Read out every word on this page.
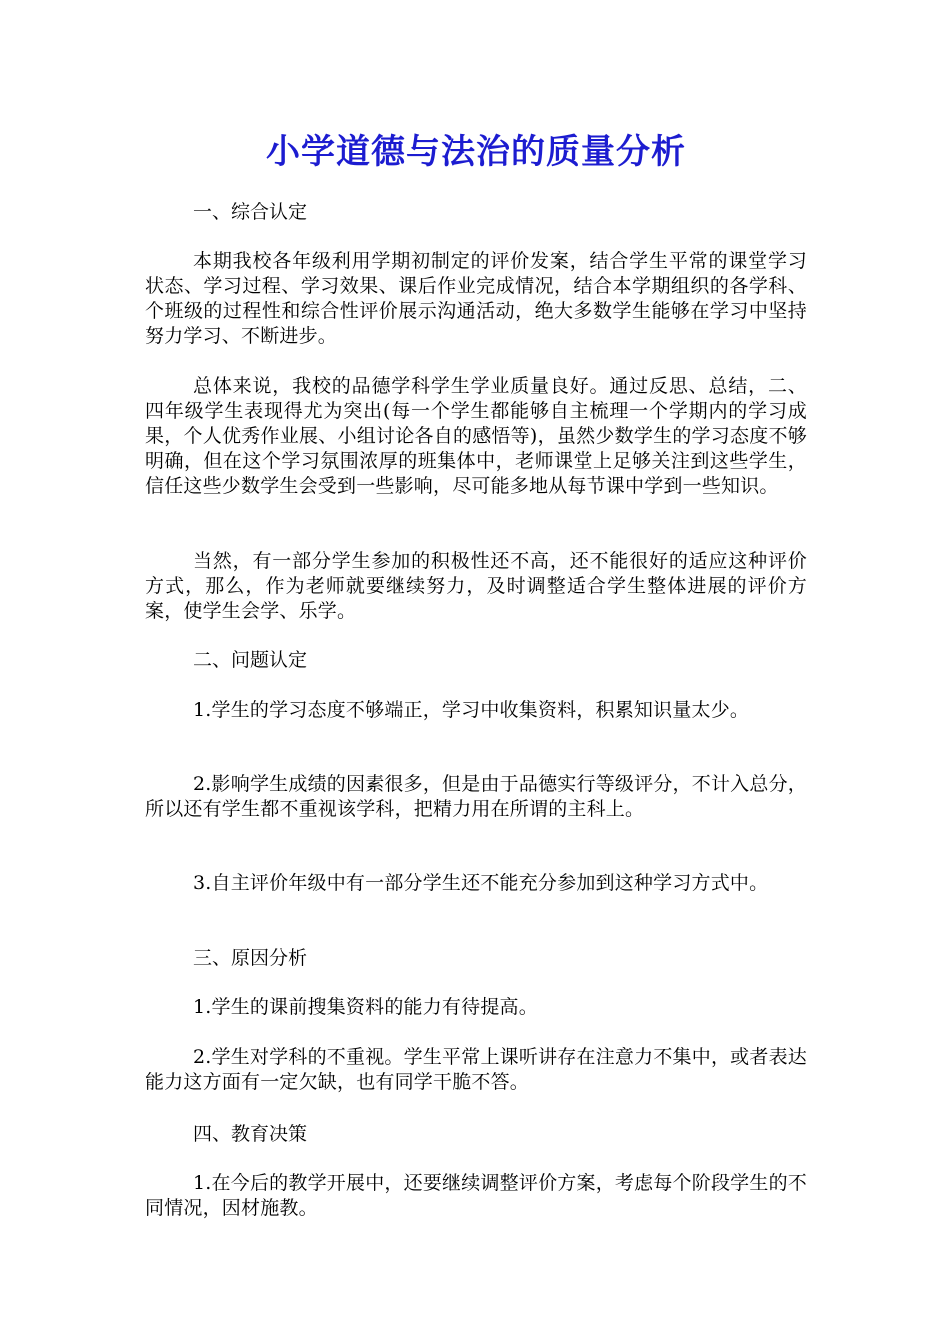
小学道德与法治的质量分析

一、综合认定

本期我校各年级利用学期初制定的评价发案，结合学生平常的课堂学习状态、学习过程、学习效果、课后作业完成情况，结合本学期组织的各学科、个班级的过程性和综合性评价展示沟通活动，绝大多数学生能够在学习中坚持努力学习、不断进步。

总体来说，我校的品德学科学生学业质量良好。通过反思、总结，二、四年级学生表现得尤为突出(每一个学生都能够自主梳理一个学期内的学习成果，个人优秀作业展、小组讨论各自的感悟等)，虽然少数学生的学习态度不够明确，但在这个学习氛围浓厚的班集体中，老师课堂上足够关注到这些学生，信任这些少数学生会受到一些影响，尽可能多地从每节课中学到一些知识。

当然，有一部分学生参加的积极性还不高，还不能很好的适应这种评价方式，那么，作为老师就要继续努力，及时调整适合学生整体进展的评价方案，使学生会学、乐学。

二、问题认定

1.学生的学习态度不够端正，学习中收集资料，积累知识量太少。

2.影响学生成绩的因素很多，但是由于品德实行等级评分，不计入总分，所以还有学生都不重视该学科，把精力用在所谓的主科上。

3.自主评价年级中有一部分学生还不能充分参加到这种学习方式中。

三、原因分析

1.学生的课前搜集资料的能力有待提高。

2.学生对学科的不重视。学生平常上课听讲存在注意力不集中，或者表达能力这方面有一定欠缺，也有同学干脆不答。

四、教育决策

1.在今后的教学开展中，还要继续调整评价方案，考虑每个阶段学生的不同情况，因材施教。
